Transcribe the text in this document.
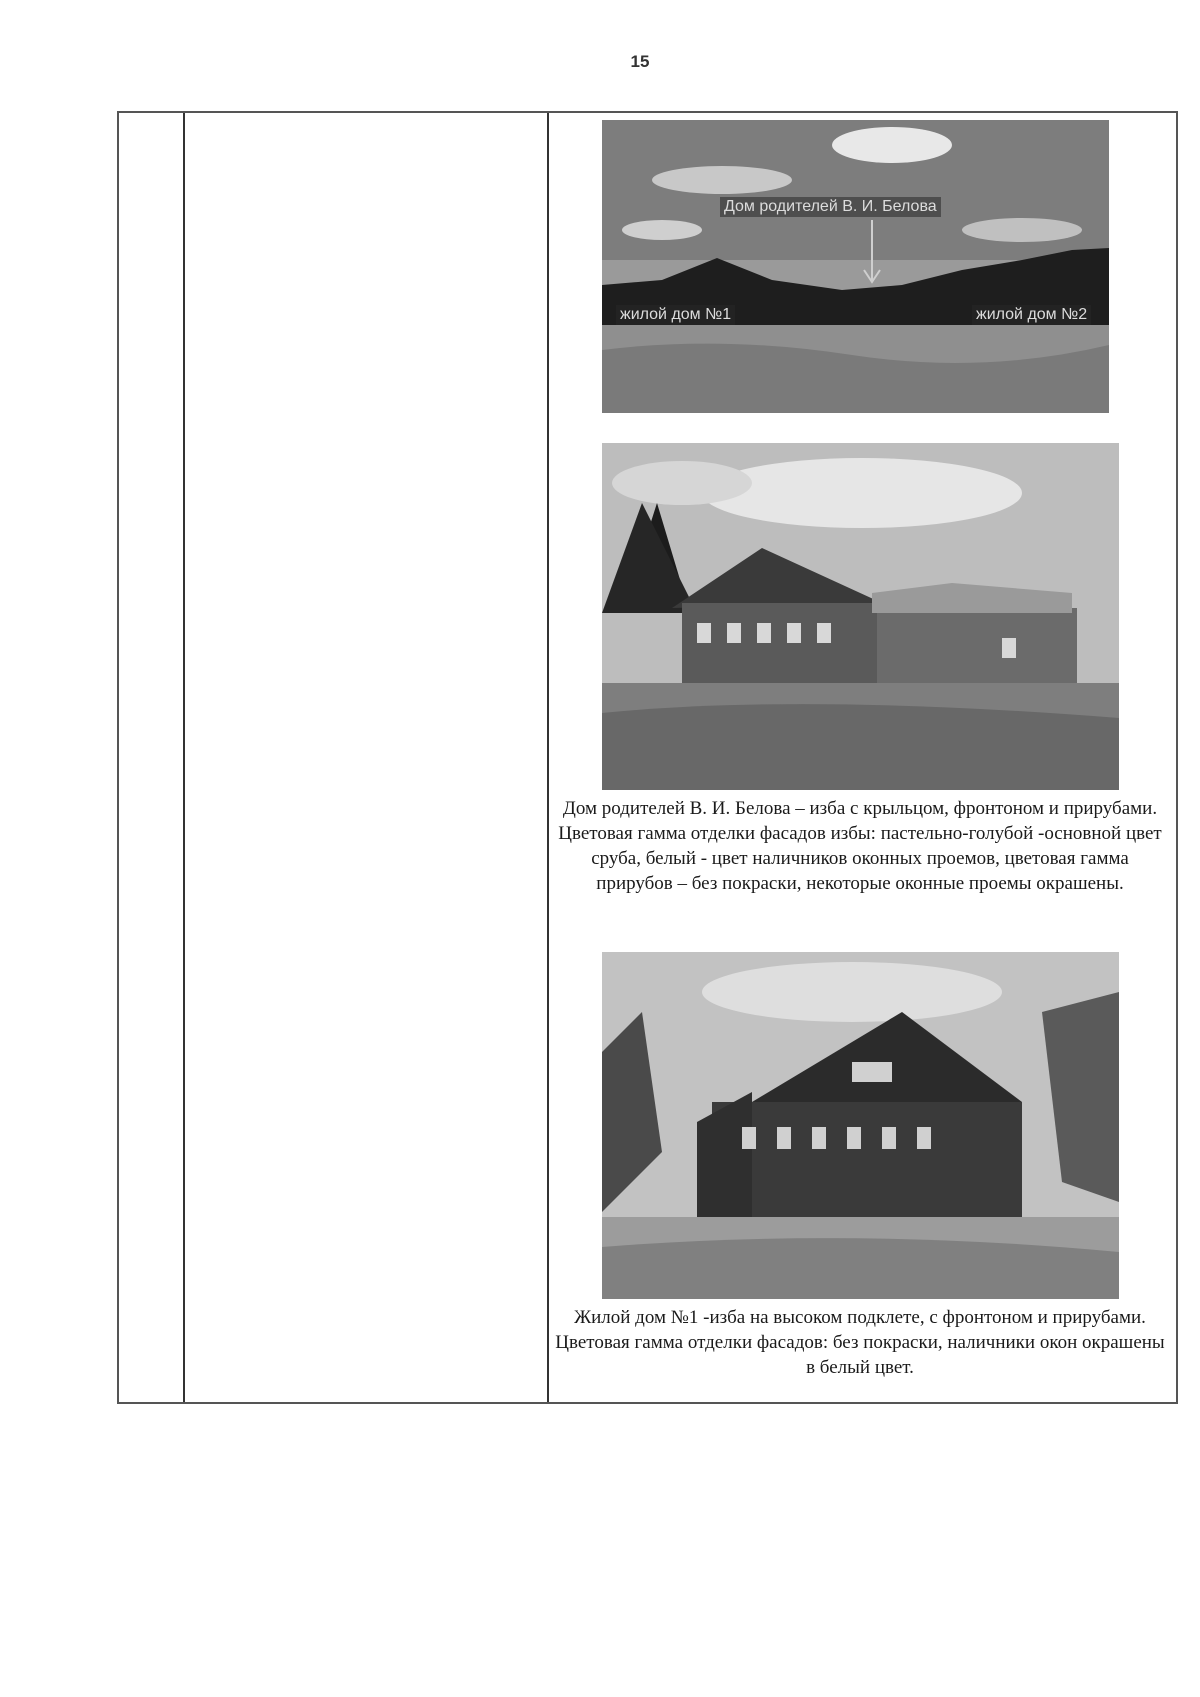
15
Дом родителей В. И. Белова
жилой дом №1	жилой дом №2
Дом родителей В. И. Белова – изба с крыльцом, фронтоном и прирубами. Цветовая гамма отделки фасадов избы: пастельно-голубой -основной цвет сруба, белый - цвет наличников оконных проемов, цветовая гамма прирубов – без покраски, некоторые оконные проемы окрашены.
Жилой дом №1 -изба на высоком подклете, с фронтоном и прирубами. Цветовая гамма отделки фасадов: без покраски, наличники окон окрашены в белый цвет.
